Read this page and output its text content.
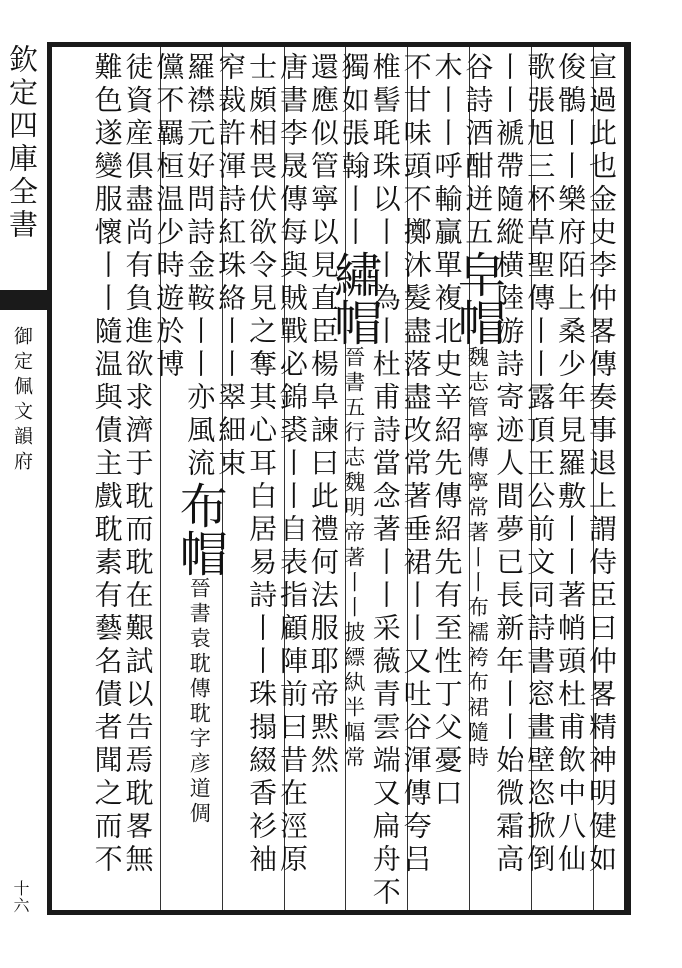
欽定四庫全書
御定佩文韻府
十六
宣過此也金史李仲畧傳奏事退上謂侍臣曰仲畧精神明健如
俊鶻丨丨樂府陌上桑少年見羅敷丨丨著帩頭杜甫飲中八仙
歌張旭三杯草聖傳丨丨露頂王公前文同詩書窓畫壁恣掀倒
丨丨褫帶隨縱横陸游詩寄迹人間夢已長新年丨丨始微霜高
谷詩酒酣迸五皁帽魏志管寧傳寧常著丨丨布襦袴布裙隨時
木丨丨呼輸贏單複北史辛紹先傳紹先有至性丁父憂口
不甘味頭不擲沐髮盡落盡改常著垂裙丨丨又吐谷渾傳夸吕
椎髻毦珠以丨丨為丨杜甫詩當念著丨丨采薇青雲端又扁舟不
獨如張翰丨丨繡帽晉書五行志魏明帝著丨丨披縹紈半幅常
還應似管寧以見直臣楊阜諫曰此禮何法服耶帝黙然
唐書李晟傳每與賊戰必錦裘丨丨自表指顧陣前曰昔在涇原
士頗相畏伏欲令見之奪其心耳白居易詩丨丨珠搨綴香衫袖
窄裁許渾詩紅珠絡丨丨翠細束
羅襟元好問詩金鞍丨丨亦風流布帽晉書袁耽傳耽字彦道倜
儻不羈桓温少時遊於博
徒資産俱盡尚有負進欲求濟于耽而耽在艱試以告焉耽畧無
難色遂變服懷丨丨隨温與債主戲耽素有藝名債者聞之而不
